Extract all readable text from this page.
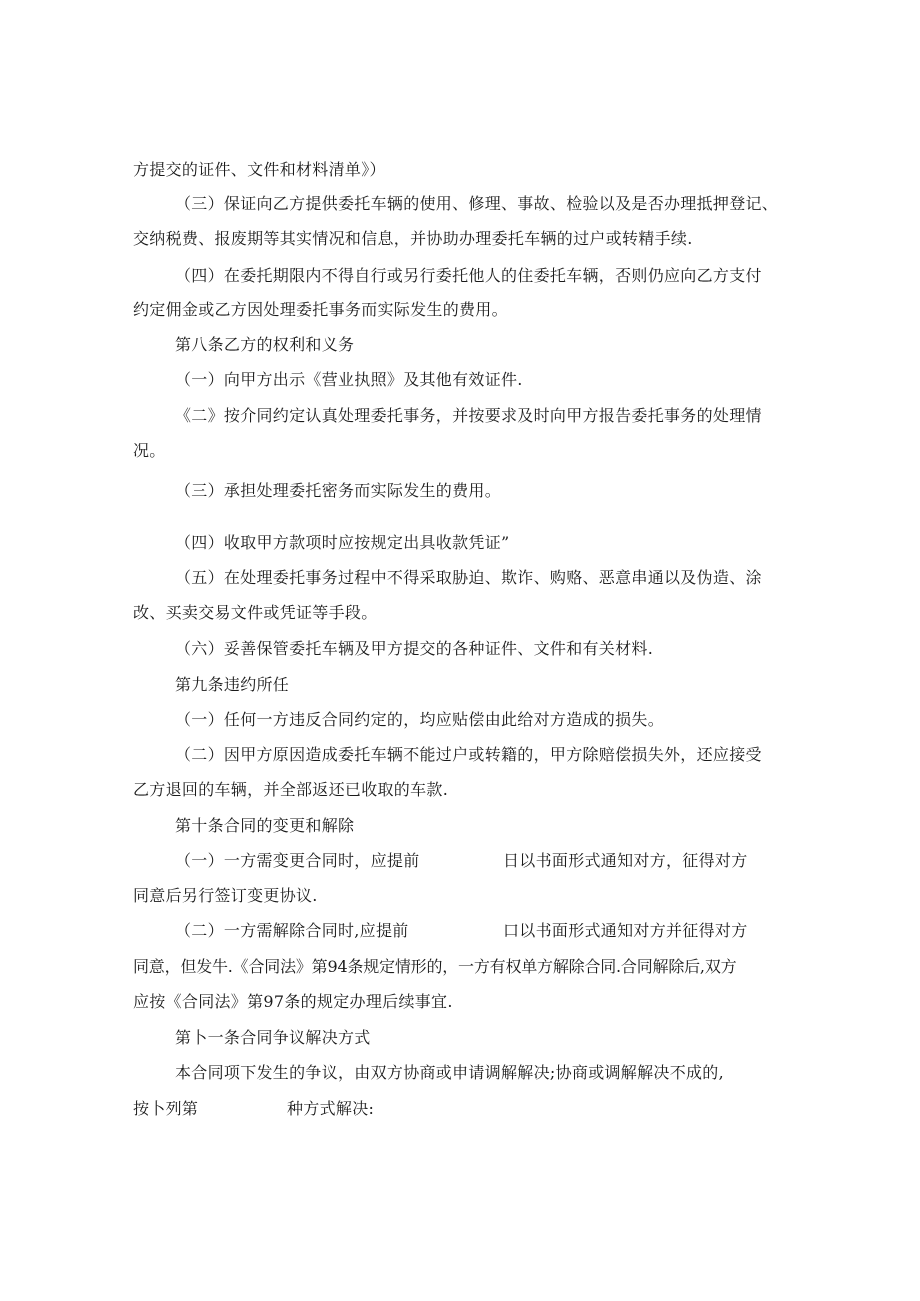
方提交的证件、文件和材料清单》）
（三）保证向乙方提供委托车辆的使用、修理、事故、检验以及是否办理抵押登记、
交纳税费、报废期等其实情况和信息，并协助办理委托车辆的过户或转精手续.
（四）在委托期限内不得自行或另行委托他人的住委托车辆，否则仍应向乙方支付
约定佣金或乙方因处理委托事务而实际发生的费用。
第八条乙方的权利和义务
（一）向甲方出示《营业执照》及其他有效证件.
《二》按介同约定认真处理委托事务，并按要求及时向甲方报告委托事务的处理情
况。
（三）承担处理委托密务而实际发生的费用。
（四）收取甲方款项时应按规定出具收款凭证”
（五）在处理委托事务过程中不得采取胁迫、欺诈、购赂、恶意串通以及伪造、涂
改、买卖交易文件或凭证等手段。
（六）妥善保管委托车辆及甲方提交的各种证件、文件和有关材料.
第九条违约所任
（一）任何一方违反合同约定的，均应贴偿由此给对方造成的损失。
（二）因甲方原因造成委托车辆不能过户或转籍的，甲方除赔偿损失外，还应接受
乙方退回的车辆，并全部返还已收取的车款.
第十条合同的变更和解除
（一）一方需变更合同时，应提前	日以书面形式通知对方，征得对方
同意后另行签订变更协议.
（二）一方需解除合同时,应提前	口以书面形式通知对方并征得对方
同意，但发牛.《合同法》第94条规定情形的，一方有权单方解除合同.合同解除后,双方
应按《合同法》第97条的规定办理后续事宜.
第卜一条合同争议解决方式
本合同项下发生的争议，由双方协商或申请调解解决;协商或调解解决不成的,
按卜列第	种方式解决:
